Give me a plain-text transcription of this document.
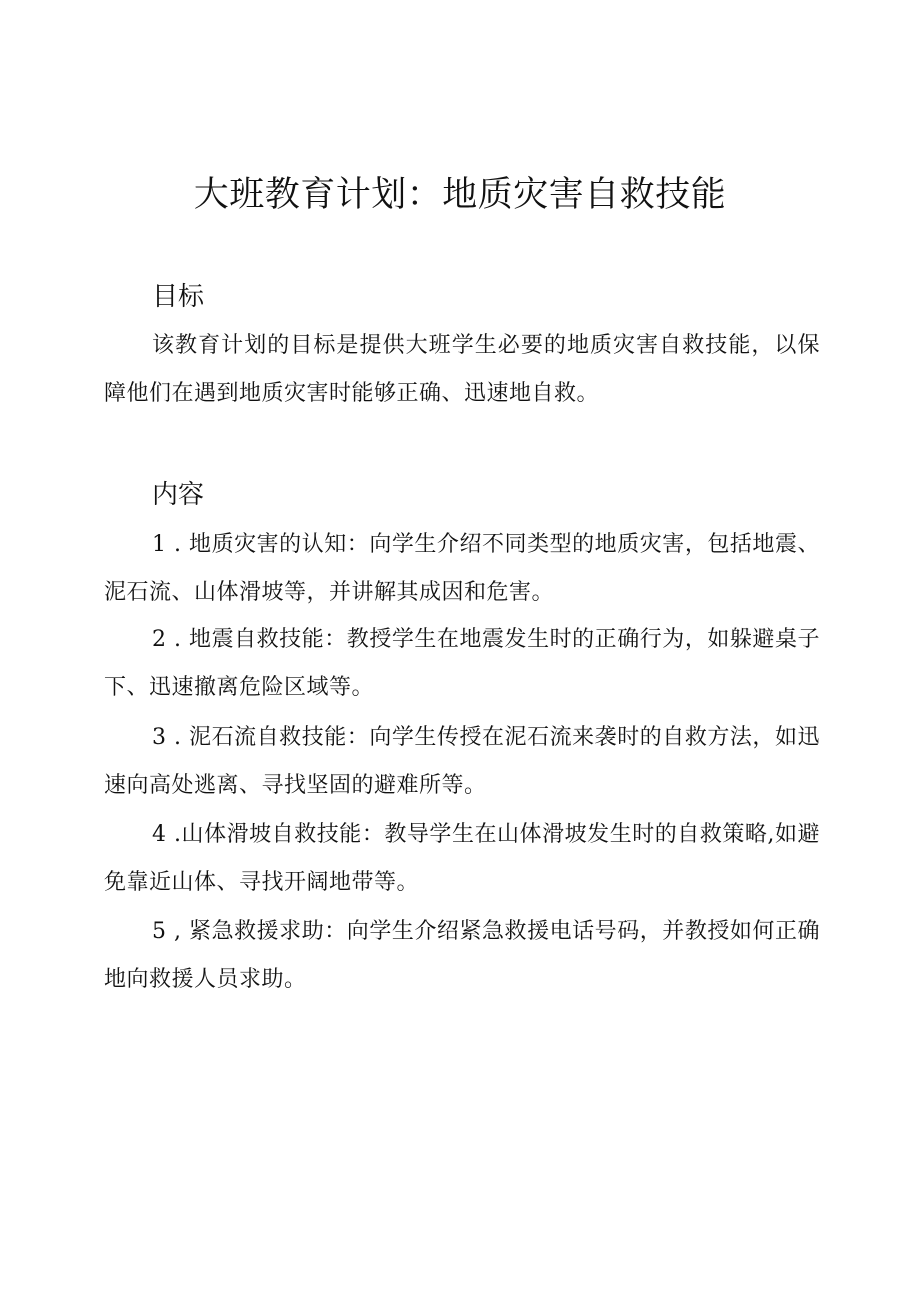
大班教育计划：地质灾害自救技能
目标

该教育计划的目标是提供大班学生必要的地质灾害自救技能，以保障他们在遇到地质灾害时能够正确、迅速地自救。

内容

1 . 地质灾害的认知：向学生介绍不同类型的地质灾害，包括地震、泥石流、山体滑坡等，并讲解其成因和危害。

2 . 地震自救技能：教授学生在地震发生时的正确行为，如躲避桌子下、迅速撤离危险区域等。

3 . 泥石流自救技能：向学生传授在泥石流来袭时的自救方法，如迅速向高处逃离、寻找坚固的避难所等。

4 .山体滑坡自救技能：教导学生在山体滑坡发生时的自救策略,如避免靠近山体、寻找开阔地带等。

5 , 紧急救援求助：向学生介绍紧急救援电话号码，并教授如何正确地向救援人员求助。
